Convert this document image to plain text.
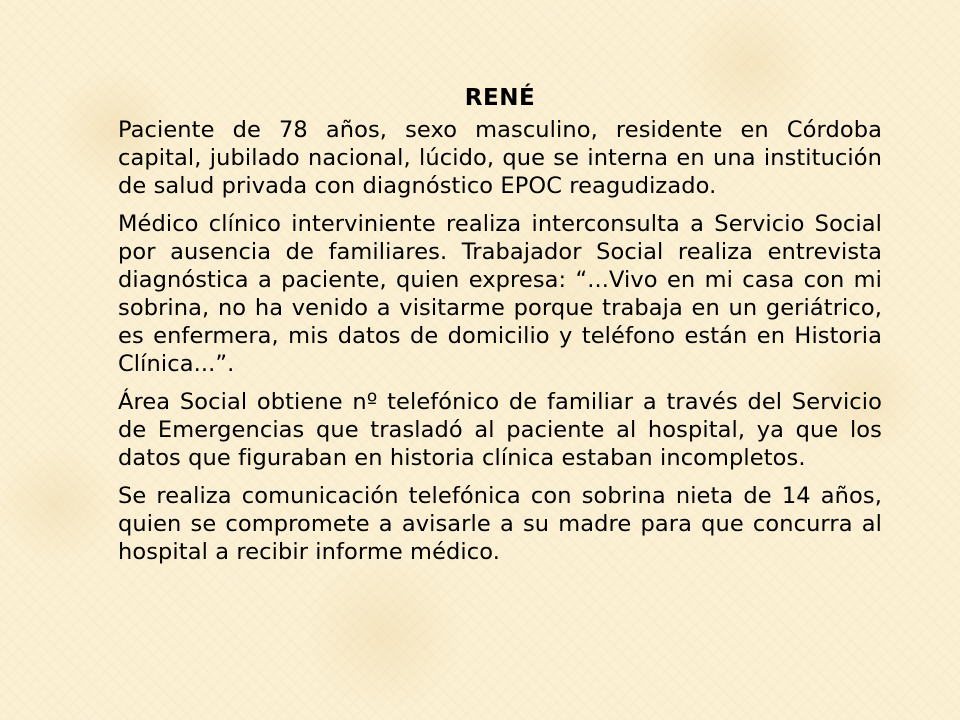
RENÉ

Paciente de 78 años, sexo masculino, residente en Córdoba capital, jubilado nacional, lúcido, que se interna en una institución de salud privada con diagnóstico EPOC reagudizado.

Médico clínico interviniente realiza interconsulta a Servicio Social por ausencia de familiares. Trabajador Social realiza entrevista diagnóstica a paciente, quien expresa: “...Vivo en mi casa con mi sobrina, no ha venido a visitarme porque trabaja en un geriátrico, es enfermera, mis datos de domicilio y teléfono están en Historia Clínica...”.

Área Social obtiene nº telefónico de familiar a través del Servicio de Emergencias que trasladó al paciente al hospital, ya que los datos que figuraban en historia clínica estaban incompletos.

Se realiza comunicación telefónica con sobrina nieta de 14 años, quien se compromete a avisarle a su madre para que concurra al hospital a recibir informe médico.
